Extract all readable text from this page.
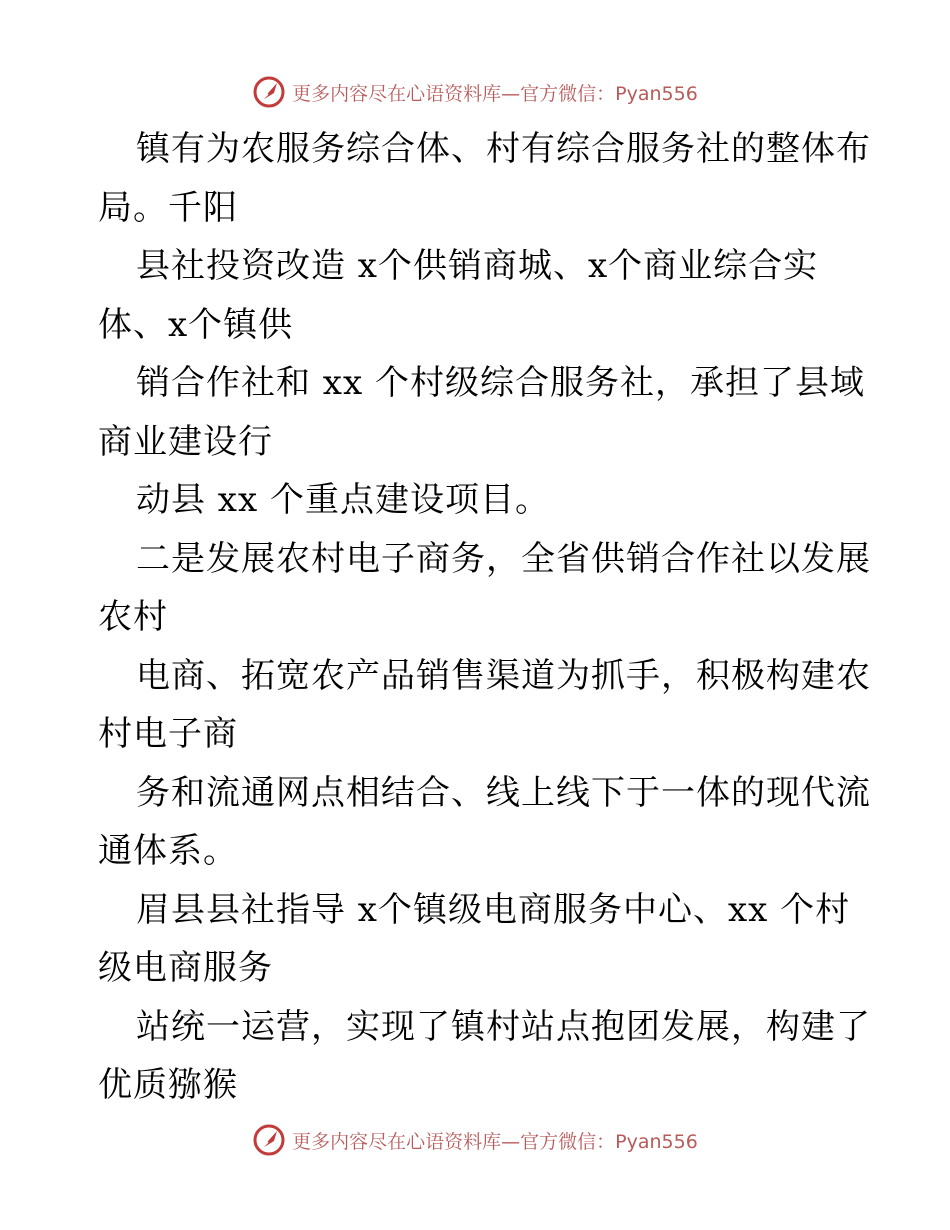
更多内容尽在心语资料库—官方微信：Pyan556
镇有为农服务综合体、村有综合服务社的整体布
局。千阳
县社投资改造 x个供销商城、x个商业综合实
体、x个镇供
销合作社和 xx 个村级综合服务社，承担了县域
商业建设行
动县 xx 个重点建设项目。
二是发展农村电子商务，全省供销合作社以发展
农村
电商、拓宽农产品销售渠道为抓手，积极构建农
村电子商
务和流通网点相结合、线上线下于一体的现代流
通体系。
眉县县社指导 x个镇级电商服务中心、xx 个村
级电商服务
站统一运营，实现了镇村站点抱团发展，构建了
优质猕猴
更多内容尽在心语资料库—官方微信：Pyan556
